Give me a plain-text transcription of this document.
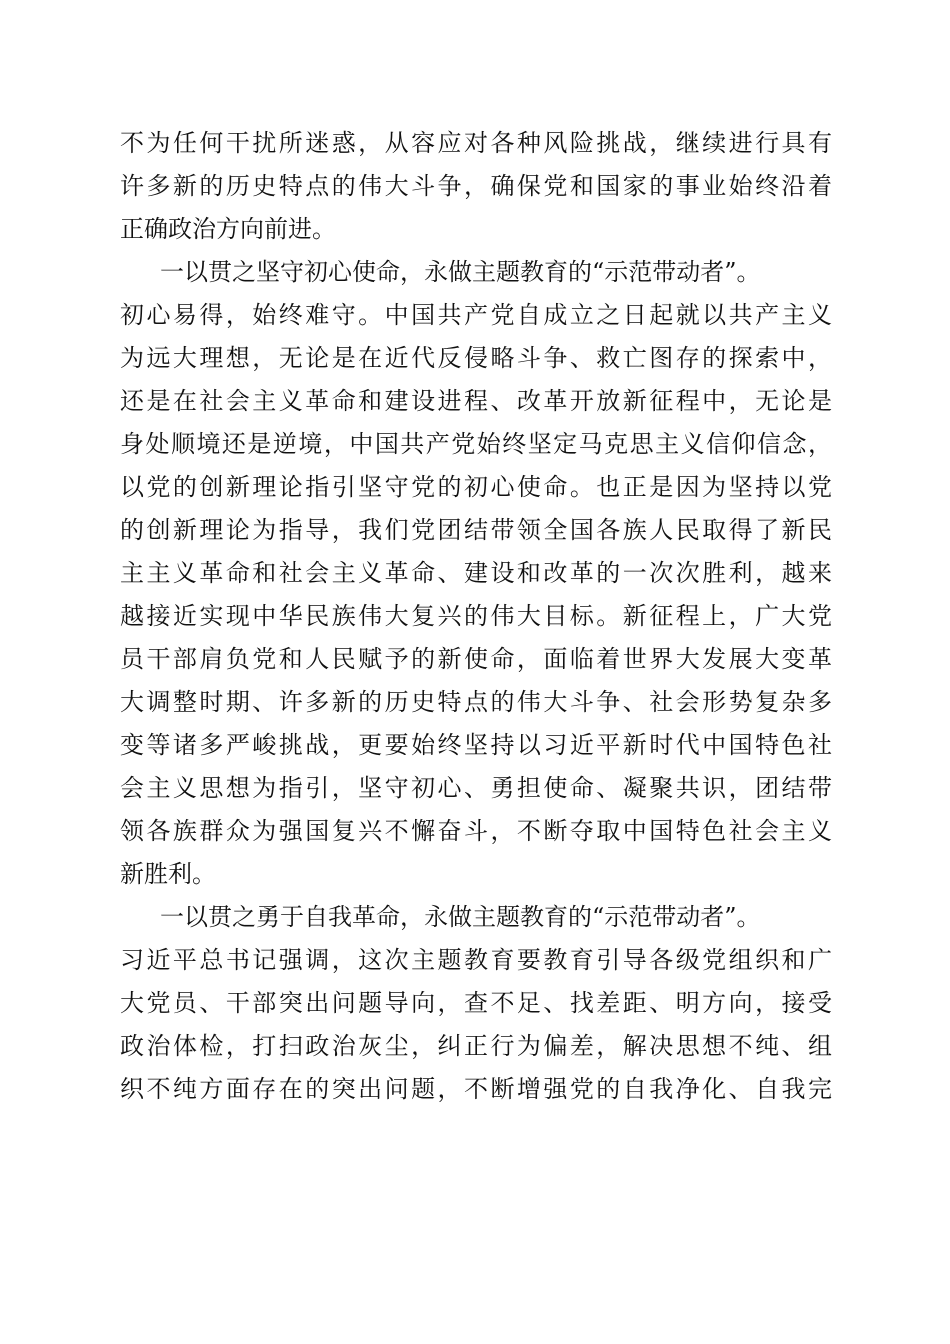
不为任何干扰所迷惑，从容应对各种风险挑战，继续进行具有
许多新的历史特点的伟大斗争，确保党和国家的事业始终沿着
正确政治方向前进。
一以贯之坚守初心使命，永做主题教育的“示范带动者”。
初心易得，始终难守。中国共产党自成立之日起就以共产主义
为远大理想，无论是在近代反侵略斗争、救亡图存的探索中，
还是在社会主义革命和建设进程、改革开放新征程中，无论是
身处顺境还是逆境，中国共产党始终坚定马克思主义信仰信念，
以党的创新理论指引坚守党的初心使命。也正是因为坚持以党
的创新理论为指导，我们党团结带领全国各族人民取得了新民
主主义革命和社会主义革命、建设和改革的一次次胜利，越来
越接近实现中华民族伟大复兴的伟大目标。新征程上，广大党
员干部肩负党和人民赋予的新使命，面临着世界大发展大变革
大调整时期、许多新的历史特点的伟大斗争、社会形势复杂多
变等诸多严峻挑战，更要始终坚持以习近平新时代中国特色社
会主义思想为指引，坚守初心、勇担使命、凝聚共识，团结带
领各族群众为强国复兴不懈奋斗，不断夺取中国特色社会主义
新胜利。
一以贯之勇于自我革命，永做主题教育的“示范带动者”。
习近平总书记强调，这次主题教育要教育引导各级党组织和广
大党员、干部突出问题导向，查不足、找差距、明方向，接受
政治体检，打扫政治灰尘，纠正行为偏差，解决思想不纯、组
织不纯方面存在的突出问题，不断增强党的自我净化、自我完
